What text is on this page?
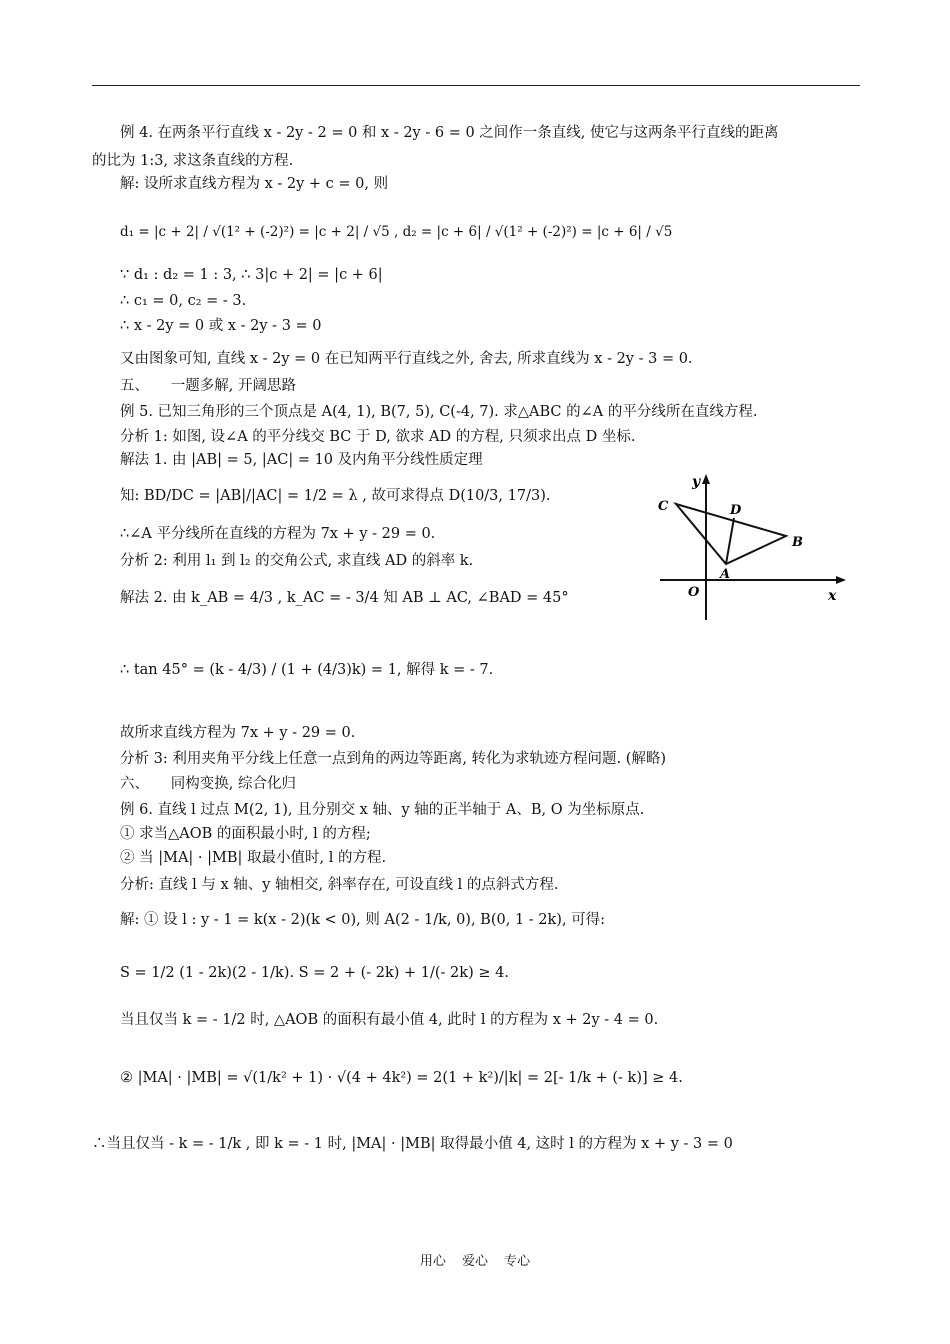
例 4. 在两条平行直线 x - 2y - 2 = 0 和 x - 2y - 6 = 0 之间作一条直线, 使它与这两条平行直线的距离
的比为 1:3, 求这条直线的方程.
解: 设所求直线方程为 x - 2y + c = 0, 则
d₁ = |c + 2| / √(1² + (-2)²) = |c + 2| / √5 , d₂ = |c + 6| / √(1² + (-2)²) = |c + 6| / √5
∵ d₁ : d₂ = 1 : 3, ∴ 3|c + 2| = |c + 6|
∴ c₁ = 0, c₂ = - 3.
∴ x - 2y = 0 或 x - 2y - 3 = 0
又由图象可知, 直线 x - 2y = 0 在已知两平行直线之外, 舍去, 所求直线为 x - 2y - 3 = 0.
五、　　一题多解, 开阔思路
例 5. 已知三角形的三个顶点是 A(4, 1), B(7, 5), C(-4, 7). 求△ABC 的∠A 的平分线所在直线方程.
分析 1: 如图, 设∠A 的平分线交 BC 于 D, 欲求 AD 的方程, 只须求出点 D 坐标.
解法 1. 由 |AB| = 5, |AC| = 10 及内角平分线性质定理
知: BD/DC = |AB|/|AC| = 1/2 = λ , 故可求得点 D(10/3, 17/3).
∴∠A 平分线所在直线的方程为 7x + y - 29 = 0.
分析 2: 利用 l₁ 到 l₂ 的交角公式, 求直线 AD 的斜率 k.
解法 2. 由 k_AB = 4/3 , k_AC = - 3/4 知 AB ⊥ AC, ∠BAD = 45°
∴ tan 45° = (k - 4/3) / (1 + (4/3)k) = 1, 解得 k = - 7.
故所求直线方程为 7x + y - 29 = 0.
分析 3: 利用夹角平分线上任意一点到角的两边等距离, 转化为求轨迹方程问题. (解略)
六、　　同构变换, 综合化归
例 6. 直线 l 过点 M(2, 1), 且分别交 x 轴、y 轴的正半轴于 A、B, O 为坐标原点.
① 求当△AOB 的面积最小时, l 的方程;
② 当 |MA| · |MB| 取最小值时, l 的方程.
分析: 直线 l 与 x 轴、y 轴相交, 斜率存在, 可设直线 l 的点斜式方程.
解: ① 设 l : y - 1 = k(x - 2)(k < 0), 则 A(2 - 1/k, 0), B(0, 1 - 2k), 可得:
S = 1/2 (1 - 2k)(2 - 1/k). S = 2 + (- 2k) + 1/(- 2k) ≥ 4.
当且仅当 k = - 1/2 时, △AOB 的面积有最小值 4, 此时 l 的方程为 x + 2y - 4 = 0.
② |MA| · |MB| = √(1/k² + 1) · √(4 + 4k²) = 2(1 + k²)/|k| = 2[- 1/k + (- k)] ≥ 4.
∴当且仅当 - k = - 1/k , 即 k = - 1 时, |MA| · |MB| 取得最小值 4, 这时 l 的方程为 x + y - 3 = 0
y
x
O
A
B
C	D
用心 爱心 专心
